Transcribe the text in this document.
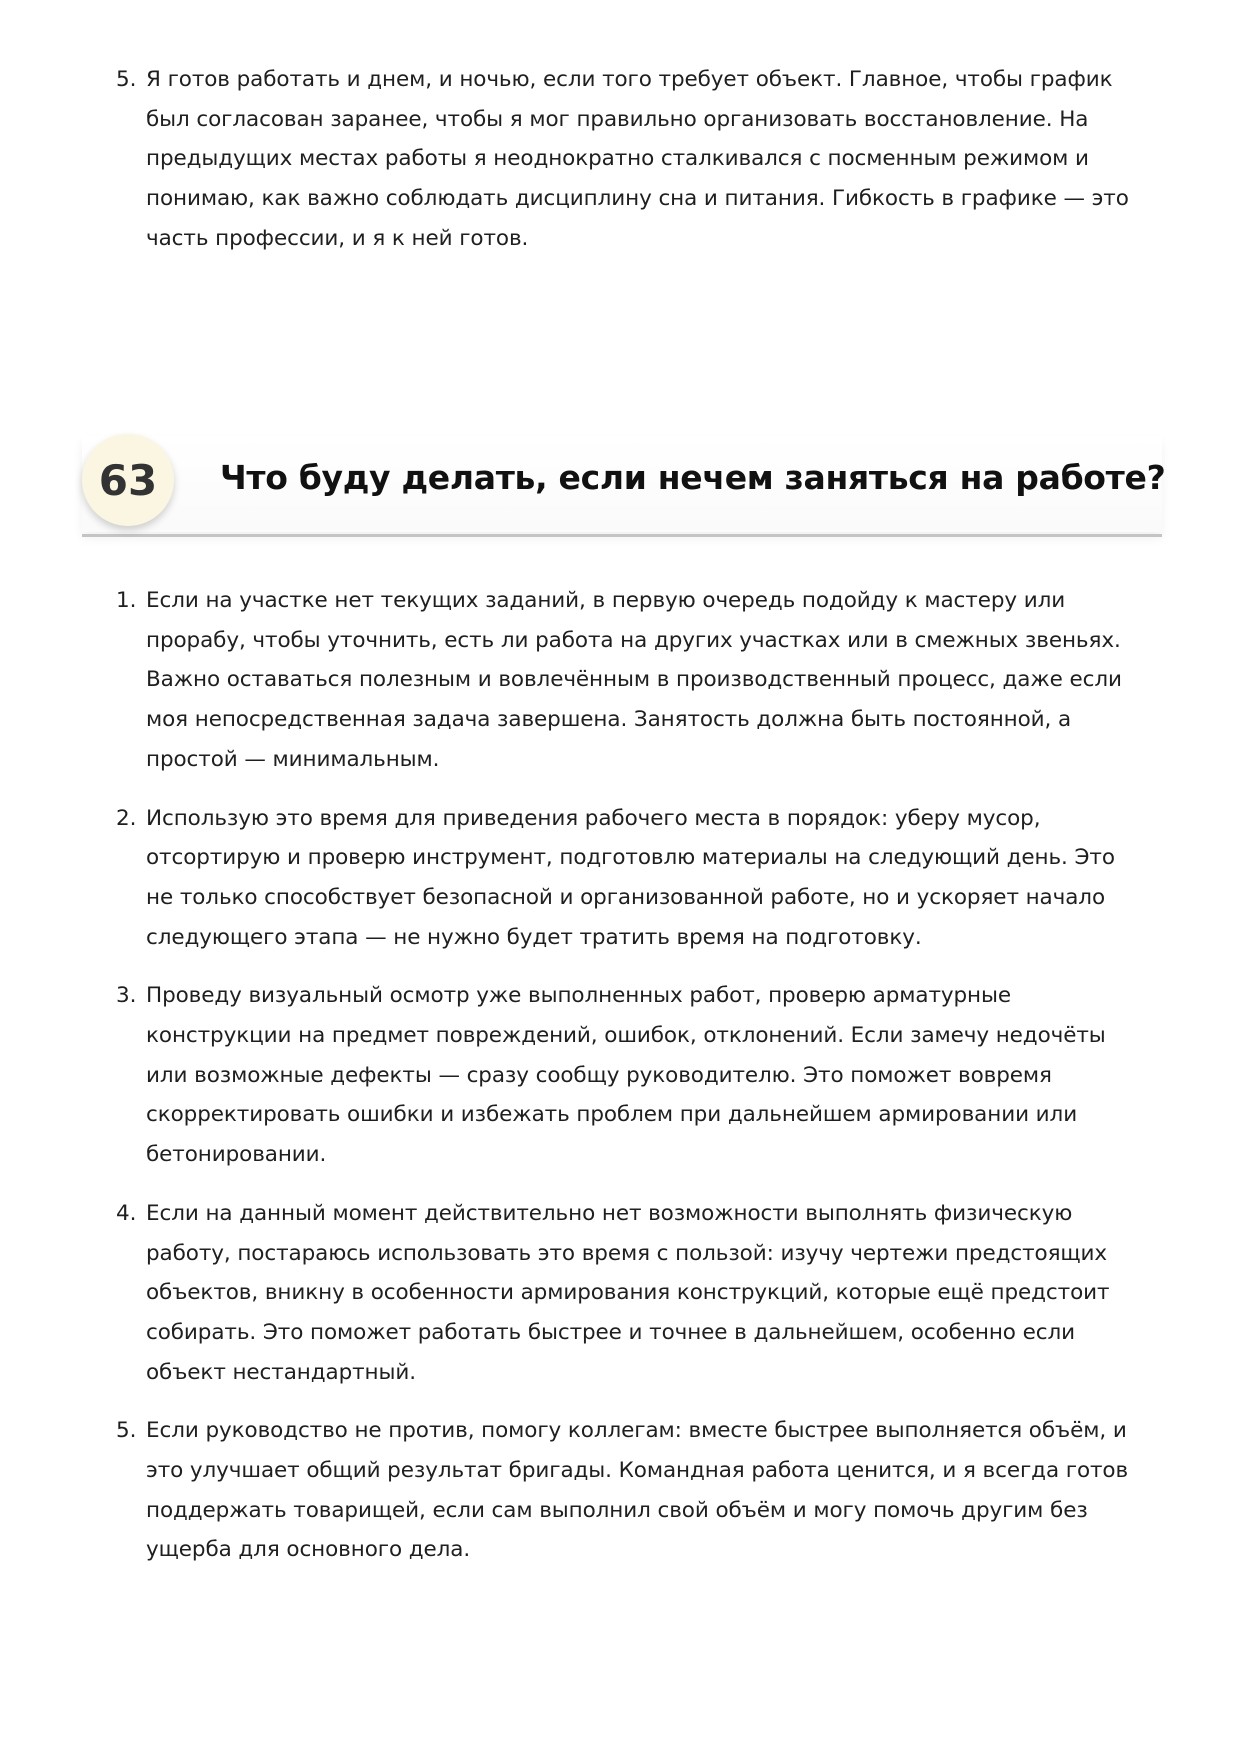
5. Я готов работать и днем, и ночью, если того требует объект. Главное, чтобы график
был согласован заранее, чтобы я мог правильно организовать восстановление. На
предыдущих местах работы я неоднократно сталкивался с посменным режимом и
понимаю, как важно соблюдать дисциплину сна и питания. Гибкость в графике — это
часть профессии, и я к ней готов.
63	Что буду делать, если нечем заняться на работе?
1. Если на участке нет текущих заданий, в первую очередь подойду к мастеру или
прорабу, чтобы уточнить, есть ли работа на других участках или в смежных звеньях.
Важно оставаться полезным и вовлечённым в производственный процесс, даже если
моя непосредственная задача завершена. Занятость должна быть постоянной, а
простой — минимальным.
2. Использую это время для приведения рабочего места в порядок: уберу мусор,
отсортирую и проверю инструмент, подготовлю материалы на следующий день. Это
не только способствует безопасной и организованной работе, но и ускоряет начало
следующего этапа — не нужно будет тратить время на подготовку.
3. Проведу визуальный осмотр уже выполненных работ, проверю арматурные
конструкции на предмет повреждений, ошибок, отклонений. Если замечу недочёты
или возможные дефекты — сразу сообщу руководителю. Это поможет вовремя
скорректировать ошибки и избежать проблем при дальнейшем армировании или
бетонировании.
4. Если на данный момент действительно нет возможности выполнять физическую
работу, постараюсь использовать это время с пользой: изучу чертежи предстоящих
объектов, вникну в особенности армирования конструкций, которые ещё предстоит
собирать. Это поможет работать быстрее и точнее в дальнейшем, особенно если
объект нестандартный.
5. Если руководство не против, помогу коллегам: вместе быстрее выполняется объём, и
это улучшает общий результат бригады. Командная работа ценится, и я всегда готов
поддержать товарищей, если сам выполнил свой объём и могу помочь другим без
ущерба для основного дела.
